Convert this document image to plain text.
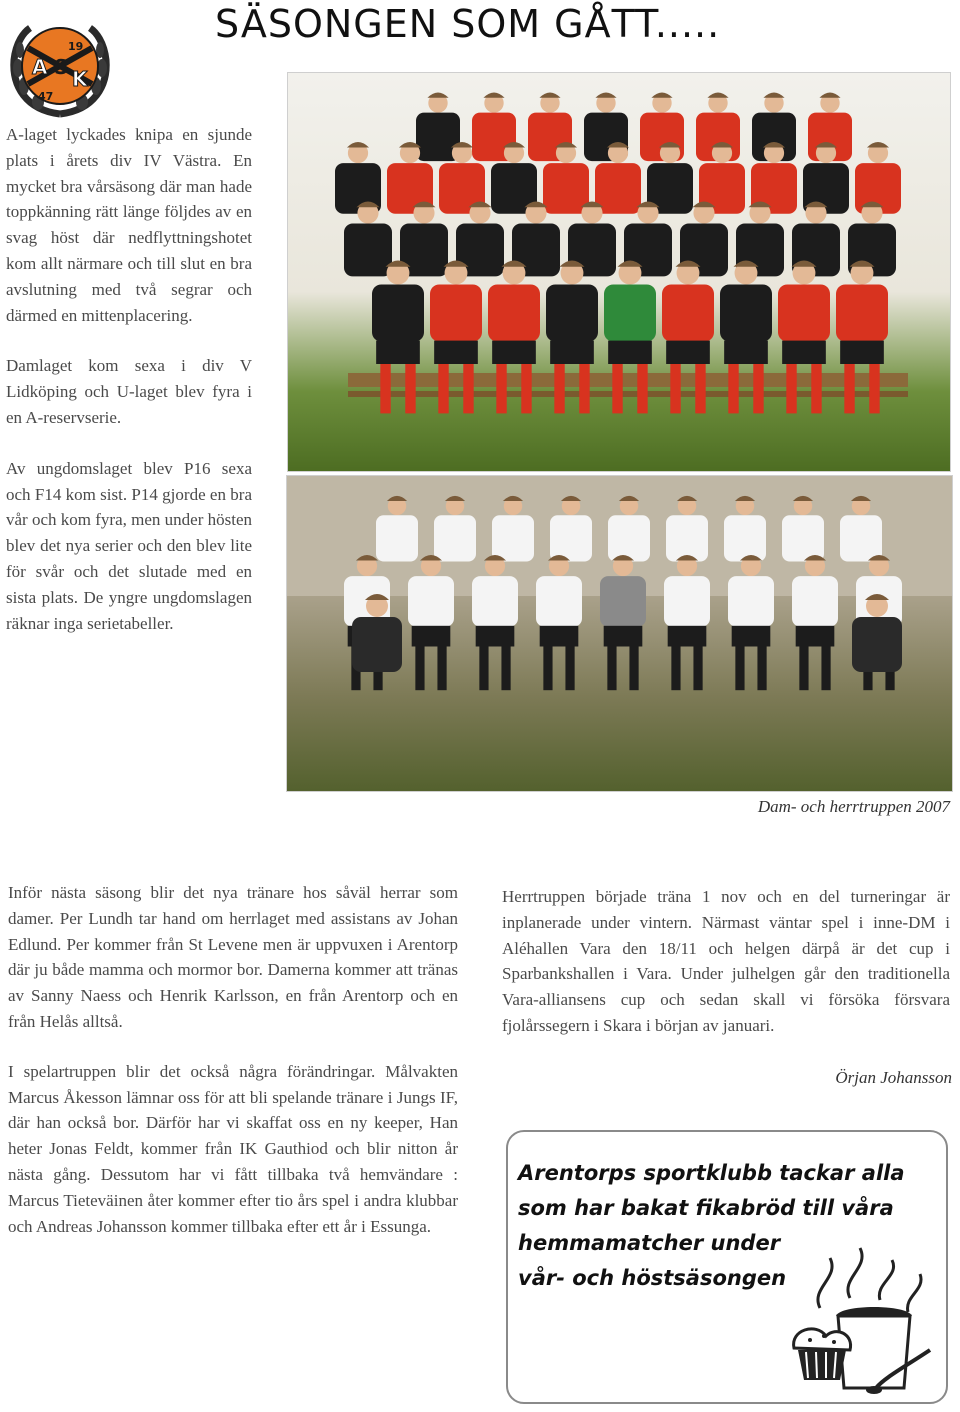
SÄSONGEN SOM GÅTT.....
19
47
A S K

A-laget lyckades knipa en sjunde plats i årets div IV Västra. En mycket bra vårsäsong där man hade toppkänning rätt länge följdes av en svag höst där nedflyttningshotet kom allt närmare och till slut en bra avslutning med två segrar och därmed en mittenplacering.

Damlaget kom sexa i div V Lidköping och U-laget blev fyra i en A-reservserie.

Av ungdomslaget blev P16 sexa och F14 kom sist. P14 gjorde en bra vår och kom fyra, men under hösten blev det nya serier och den blev lite för svår och det slutade med en sista plats. De yngre ungdomslagen räknar inga serietabeller.

Dam- och herrtruppen 2007

Inför nästa säsong blir det nya tränare hos såväl herrar som damer. Per Lundh tar hand om herrlaget med assistans av Johan Edlund. Per kommer från St Levene men är uppvuxen i Arentorp där ju både mamma och mormor bor. Damerna kommer att tränas av Sanny Naess och Henrik Karlsson, en från Arentorp och en från Helås alltså.

I spelartruppen blir det också några förändringar. Målvakten Marcus Åkesson lämnar oss för att bli spelande tränare i Jungs IF, där han också bor. Därför har vi skaffat oss en ny keeper, Han heter Jonas Feldt, kommer från IK Gauthiod och blir nitton år nästa gång. Dessutom har vi fått tillbaka två hemvändare : Marcus Tieteväinen åter kommer efter tio års spel i andra klubbar och Andreas Johansson kommer tillbaka efter ett år i Essunga.

Herrtruppen började träna 1 nov och en del turneringar är inplanerade under vintern. Närmast väntar spel i inne-DM i Aléhallen Vara den 18/11 och helgen därpå är det cup i Sparbankshallen i Vara. Under julhelgen går den traditionella Vara-alliansens cup och sedan skall vi försöka försvara fjolårssegern i Skara i början av januari.

Örjan Johansson
Arentorps sportklubb tackar alla
som har bakat fikabröd till våra
hemmamatcher under
vår- och höstsäsongen
